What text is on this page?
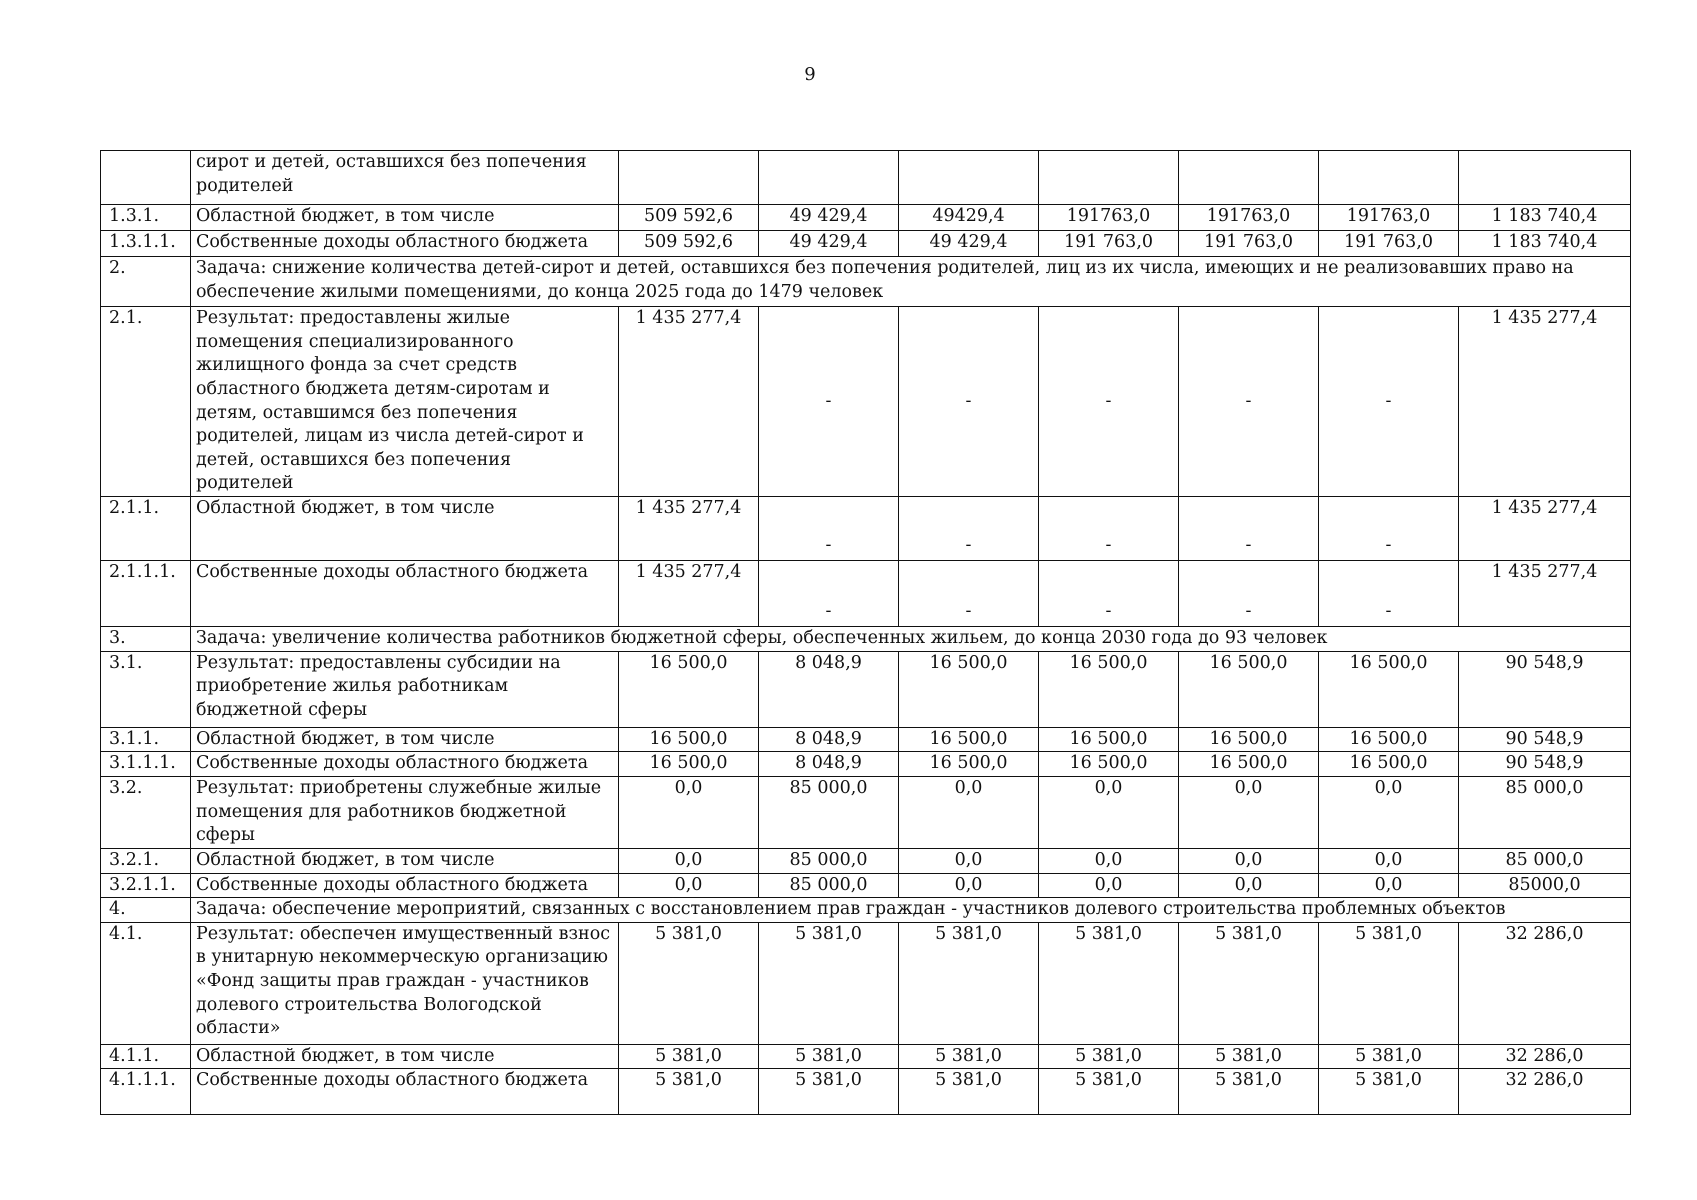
9
	сирот и детей, оставшихся без попечения родителей							
1.3.1.	Областной бюджет, в том числе	509 592,6	49 429,4	49429,4	191763,0	191763,0	191763,0	1 183 740,4
1.3.1.1.	Собственные доходы областного бюджета	509 592,6	49 429,4	49 429,4	191 763,0	191 763,0	191 763,0	1 183 740,4
2.	Задача: снижение количества детей-сирот и детей, оставшихся без попечения родителей, лиц из их числа, имеющих и не реализовавших право на обеспечение жилыми помещениями, до конца 2025 года до 1479 человек							
2.1.	Результат: предоставлены жилые помещения специализированного жилищного фонда за счет средств областного бюджета детям-сиротам и детям, оставшимся без попечения родителей, лицам из числа детей-сирот и детей, оставшихся без попечения родителей	1 435 277,4	-	-	-	-	-	1 435 277,4
2.1.1.	Областной бюджет, в том числе	1 435 277,4	-	-	-	-	-	1 435 277,4
2.1.1.1.	Собственные доходы областного бюджета	1 435 277,4	-	-	-	-	-	1 435 277,4
3.	Задача: увеличение количества работников бюджетной сферы, обеспеченных жильем, до конца 2030 года до 93 человек							
3.1.	Результат: предоставлены субсидии на приобретение жилья работникам бюджетной сферы	16 500,0	8 048,9	16 500,0	16 500,0	16 500,0	16 500,0	90 548,9
3.1.1.	Областной бюджет, в том числе	16 500,0	8 048,9	16 500,0	16 500,0	16 500,0	16 500,0	90 548,9
3.1.1.1.	Собственные доходы областного бюджета	16 500,0	8 048,9	16 500,0	16 500,0	16 500,0	16 500,0	90 548,9
3.2.	Результат: приобретены служебные жилые помещения для работников бюджетной сферы	0,0	85 000,0	0,0	0,0	0,0	0,0	85 000,0
3.2.1.	Областной бюджет, в том числе	0,0	85 000,0	0,0	0,0	0,0	0,0	85 000,0
3.2.1.1.	Собственные доходы областного бюджета	0,0	85 000,0	0,0	0,0	0,0	0,0	85000,0
4.	Задача: обеспечение мероприятий, связанных с восстановлением прав граждан - участников долевого строительства проблемных объектов							
4.1.	Результат: обеспечен имущественный взнос в унитарную некоммерческую организацию «Фонд защиты прав граждан - участников долевого строительства Вологодской области»	5 381,0	5 381,0	5 381,0	5 381,0	5 381,0	5 381,0	32 286,0
4.1.1.	Областной бюджет, в том числе	5 381,0	5 381,0	5 381,0	5 381,0	5 381,0	5 381,0	32 286,0
4.1.1.1.	Собственные доходы областного бюджета	5 381,0	5 381,0	5 381,0	5 381,0	5 381,0	5 381,0	32 286,0
